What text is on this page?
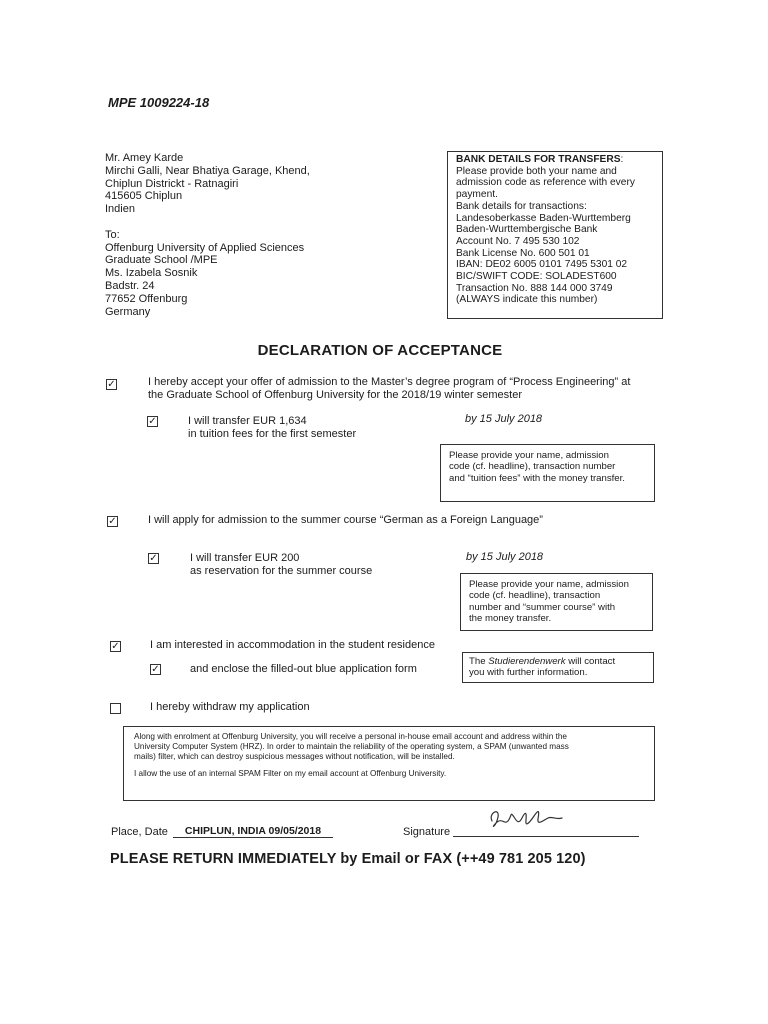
MPE 1009224-18
Mr. Amey Karde
Mirchi Galli, Near Bhatiya Garage, Khend,
Chiplun Districkt - Ratnagiri
415605 Chiplun
Indien
To:
Offenburg University of Applied Sciences
Graduate School /MPE
Ms. Izabela Sosnik
Badstr. 24
77652 Offenburg
Germany
BANK DETAILS FOR TRANSFERS:
Please provide both your name and
admission code as reference with every
payment.
Bank details for transactions:
Landesoberkasse Baden-Wurttemberg
Baden-Wurttembergische Bank
Account No. 7 495 530 102
Bank License No. 600 501 01
IBAN: DE02 6005 0101 7495 5301 02
BIC/SWIFT CODE: SOLADEST600
Transaction No. 888 144 000 3749
(ALWAYS indicate this number)
DECLARATION OF ACCEPTANCE
✓	I hereby accept your offer of admission to the Master’s degree program of “Process Engineering” at
the Graduate School of Offenburg University for the 2018/19 winter semester
✓	I will transfer EUR 1,634
in tuition fees for the first semester
by 15 July 2018
Please provide your name, admission
code (cf. headline), transaction number
and “tuition fees” with the money transfer.
✓	I will apply for admission to the summer course “German as a Foreign Language”
✓	I will transfer EUR 200
as reservation for the summer course
by 15 July 2018
Please provide your name, admission
code (cf. headline), transaction
number and “summer course” with
the money transfer.
✓	I am interested in accommodation in the student residence
✓	and enclose the filled-out blue application form
The Studierendenwerk will contact
you with further information.
I hereby withdraw my application

Along with enrolment at Offenburg University, you will receive a personal in-house email account and address within the

University Computer System (HRZ). In order to maintain the reliability of the operating system, a SPAM (unwanted mass

mails) filter, which can destroy suspicious messages without notification, will be installed.

I allow the use of an internal SPAM Filter on my email account at Offenburg University.

Place, Date	CHIPLUN, INDIA 09/05/2018	Signature
PLEASE RETURN IMMEDIATELY by Email or FAX (++49 781 205 120)
